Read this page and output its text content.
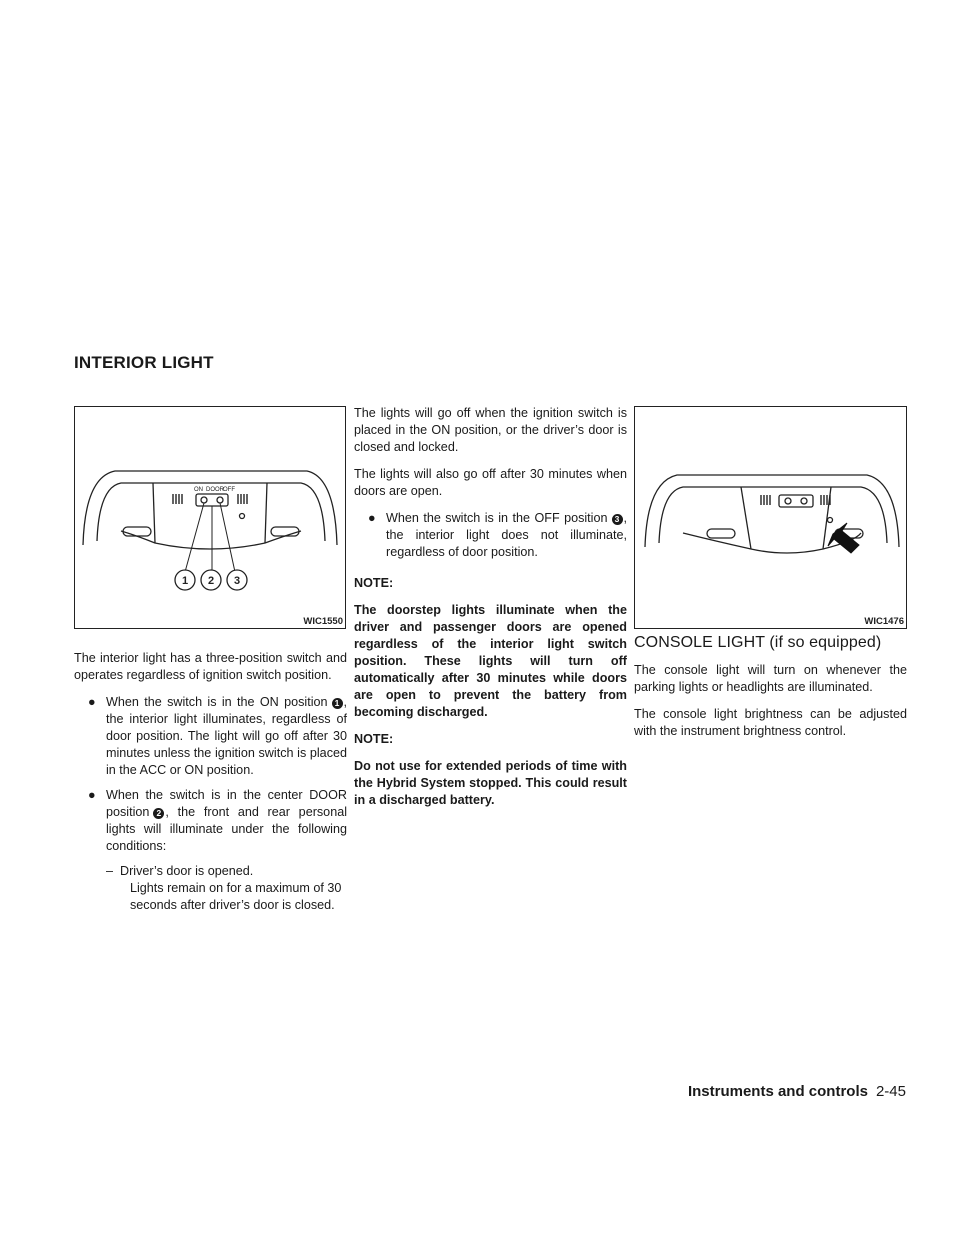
INTERIOR LIGHT
ON DOOR OFF
1 2 3
WIC1550

The interior light has a three-position switch and operates regardless of ignition switch position.

● When the switch is in the ON position 1 , the interior light illuminates, regardless of door position. The light will go off after 30 minutes unless the ignition switch is placed in the ACC or ON position.
● When the switch is in the center DOOR position 2 , the front and rear personal lights will illuminate under the following conditions:
– Driver’s door is opened.
Lights remain on for a maximum of 30 seconds after driver’s door is closed.

The lights will go off when the ignition switch is placed in the ON position, or the driver’s door is closed and locked.

The lights will also go off after 30 minutes when doors are open.

● When the switch is in the OFF position 3 , the interior light does not illuminate, regardless of door position.

NOTE:

The doorstep lights illuminate when the driver and passenger doors are opened regardless of the interior light switch position. These lights will turn off automatically after 30 minutes while doors are open to prevent the battery from becoming discharged.

NOTE:

Do not use for extended periods of time with the Hybrid System stopped. This could result in a discharged battery.

WIC1476
CONSOLE LIGHT (if so equipped)

The console light will turn on whenever the parking lights or headlights are illuminated.

The console light brightness can be adjusted with the instrument brightness control.

Instruments and controls 2-45
